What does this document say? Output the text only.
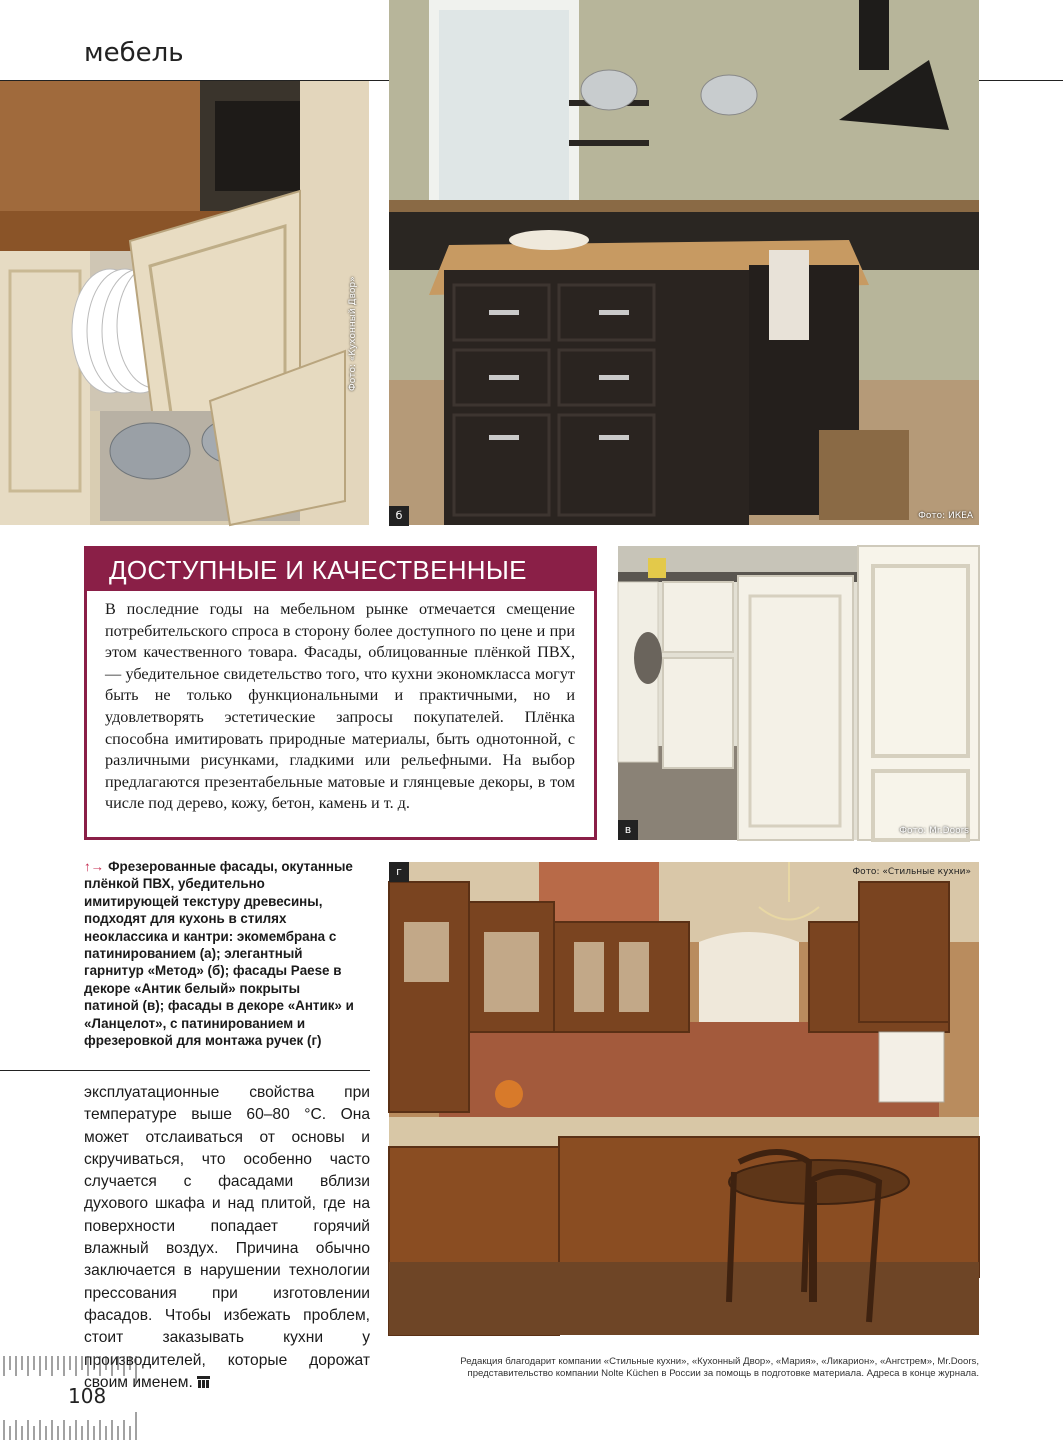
мебель
Фото: «Кухонный Двор»
Фото: ИКЕА
б
ДОСТУПНЫЕ И КАЧЕСТВЕННЫЕ
В последние годы на мебельном рынке отмечается смещение потребительского спроса в сторону более доступного по цене и при этом качественного товара. Фасады, облицованные плёнкой ПВХ, — убедительное свидетельство того, что кухни экономкласса могут быть не только функциональными и практичными, но и удовлетворять эстетические запросы покупателей. Плёнка способна имитировать природные материалы, быть однотонной, с различными рисунками, гладкими или рельефными. На выбор предлагаются презентабельные матовые и глянцевые декоры, в том числе под дерево, кожу, бетон, камень и т. д.
Фото: Mr.Doors
в
↑→ Фрезерованные фасады, окутанные плёнкой ПВХ, убедительно имитирующей текстуру древесины, подходят для кухонь в стилях неоклассика и кантри: экомембрана с патинированием (а); элегантный гарнитур «Метод» (б); фасады Paese в декоре «Антик белый» покрыты патиной (в); фасады в декоре «Антик» и «Ланцелот», с патинированием и фрезеровкой для монтажа ручек (г)
Фото: «Стильные кухни»
г
эксплуатационные свойства при температуре выше 60–80 °С. Она может отслаиваться от основы и скручиваться, что особенно часто случается с фасадами вблизи духового шкафа и над плитой, где на поверхности попадает горячий влажный воздух. Причина обычно заключается в нарушении технологии прессования при изготовлении фасадов. Чтобы избежать проблем, стоит заказывать кухни у производителей, которые дорожат своим именем.
108
Редакция благодарит компании «Стильные кухни», «Кухонный Двор», «Мария», «Ликарион», «Ангстрем», Mr.Doors, представительство компании Nolte Küchen в России за помощь в подготовке материала. Адреса в конце журнала.
